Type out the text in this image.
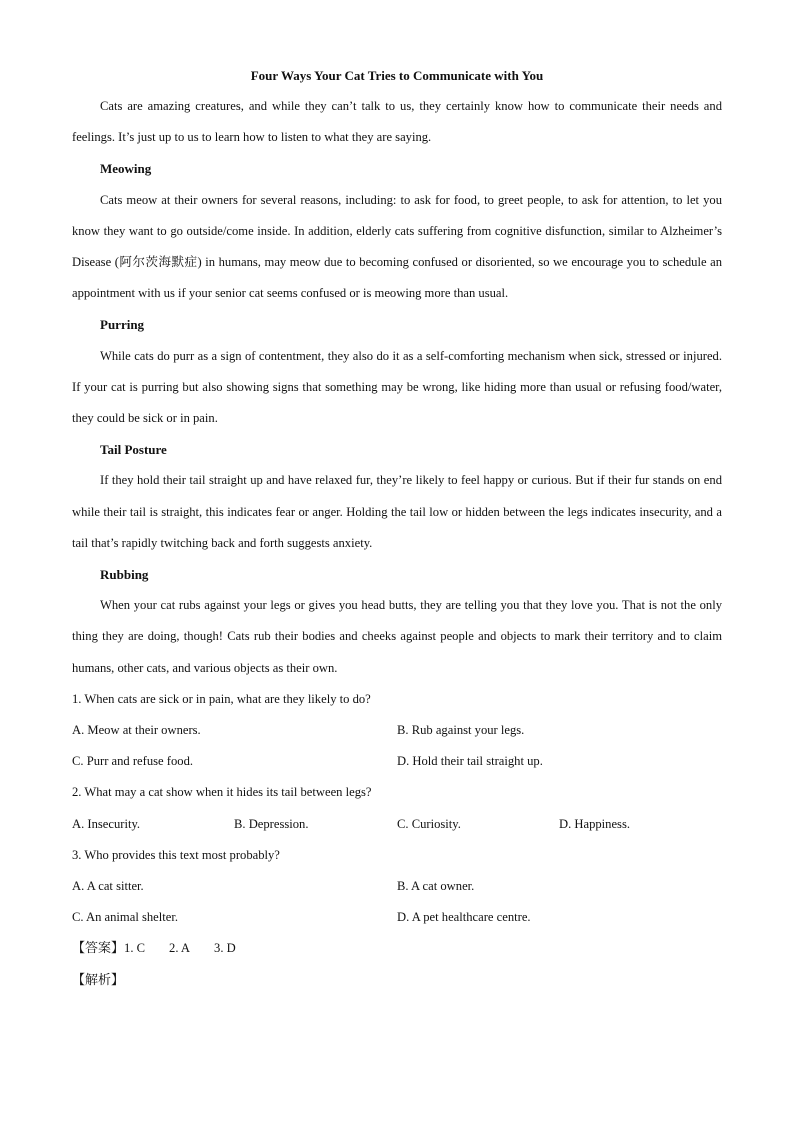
Four Ways Your Cat Tries to Communicate with You

Cats are amazing creatures, and while they can’t talk to us, they certainly know how to communicate their needs and feelings. It’s just up to us to learn how to listen to what they are saying.

Meowing

Cats meow at their owners for several reasons, including: to ask for food, to greet people, to ask for attention, to let you know they want to go outside/come inside. In addition, elderly cats suffering from cognitive disfunction, similar to Alzheimer’s Disease (阿尔茨海默症) in humans, may meow due to becoming confused or disoriented, so we encourage you to schedule an appointment with us if your senior cat seems confused or is meowing more than usual.

Purring

While cats do purr as a sign of contentment, they also do it as a self-comforting mechanism when sick, stressed or injured. If your cat is purring but also showing signs that something may be wrong, like hiding more than usual or refusing food/water, they could be sick or in pain.

Tail Posture

If they hold their tail straight up and have relaxed fur, they’re likely to feel happy or curious. But if their fur stands on end while their tail is straight, this indicates fear or anger. Holding the tail low or hidden between the legs indicates insecurity, and a tail that’s rapidly twitching back and forth suggests anxiety.

Rubbing

When your cat rubs against your legs or gives you head butts, they are telling you that they love you. That is not the only thing they are doing, though! Cats rub their bodies and cheeks against people and objects to mark their territory and to claim humans, other cats, and various objects as their own.

1. When cats are sick or in pain, what are they likely to do?

A. Meow at their owners.	B. Rub against your legs.
C. Purr and refuse food.	D. Hold their tail straight up.

2. What may a cat show when it hides its tail between legs?

A. Insecurity.	B. Depression.	C. Curiosity.	D. Happiness.

3. Who provides this text most probably?

A. A cat sitter.	B. A cat owner.
C. An animal shelter.	D. A pet healthcare centre.
【答案】1. C 2. A 3. D
【解析】
